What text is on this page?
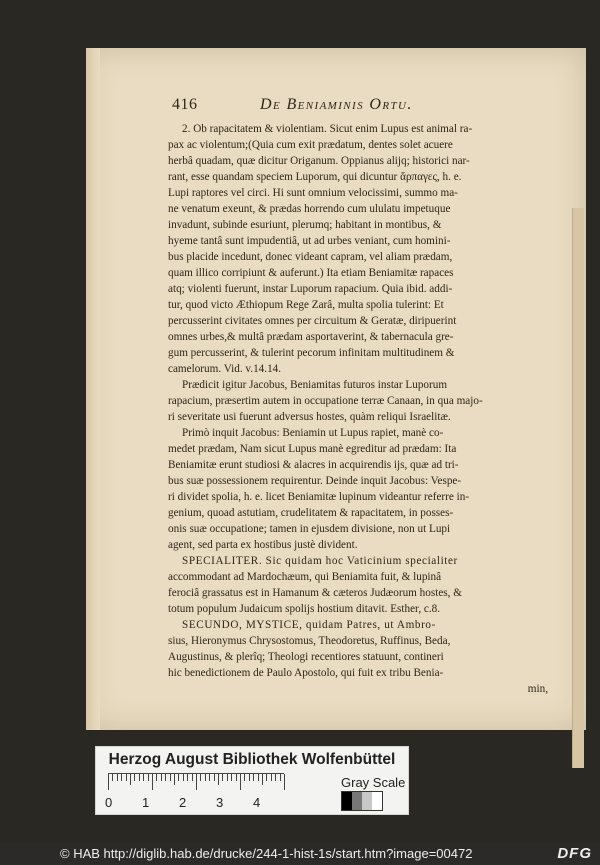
416	De Beniaminis Ortu.
2. Ob rapacitatem & violentiam. Sicut enim Lupus est animal ra-
pax ac violentum;(Quia cum exit prædatum, dentes solet acuere
herbâ quadam, quæ dicitur Origanum. Oppianus alijq; historici nar-
rant, esse quandam speciem Luporum, qui dicuntur ἅρπαγες, h. e.
Lupi raptores vel circi. Hi sunt omnium velocissimi, summo ma-
ne venatum exeunt, & prædas horrendo cum ululatu impetuque
invadunt, subinde esuriunt, plerumq; habitant in montibus, &
hyeme tantâ sunt impudentiâ, ut ad urbes veniant, cum homini-
bus placide incedunt, donec videant capram, vel aliam prædam,
quam illico corripiunt & auferunt.) Ita etiam Beniamitæ rapaces
atq; violenti fuerunt, instar Luporum rapacium. Quia ibid. addi-
tur, quod victo Æthiopum Rege Zarâ, multa spolia tulerint: Et
percusserint civitates omnes per circuitum & Geratæ, diripuerint
omnes urbes,& multâ prædam asportaverint, & tabernacula gre-
gum percusserint, & tulerint pecorum infinitam multitudinem &
camelorum. Vid. v.14.14.
Prædicit igitur Jacobus, Beniamitas futuros instar Luporum
rapacium, præsertim autem in occupatione terræ Canaan, in qua majo-
ri severitate usi fuerunt adversus hostes, quàm reliqui Israelitæ.
Primò inquit Jacobus: Beniamin ut Lupus rapiet, manè co-
medet prædam, Nam sicut Lupus manè egreditur ad prædam: Ita
Beniamitæ erunt studiosi & alacres in acquirendis ijs, quæ ad tri-
bus suæ possessionem requirentur. Deinde inquit Jacobus: Vespe-
ri dividet spolia, h. e. licet Beniamitæ lupinum videantur referre in-
genium, quoad astutiam, crudelitatem & rapacitatem, in posses-
onis suæ occupatione; tamen in ejusdem divisione, non ut Lupi
agent, sed parta ex hostibus justè divident.
SPECIALITER. Sic quidam hoc Vaticinium specialiter
accommodant ad Mardochæum, qui Beniamita fuit, & lupinâ
ferociâ grassatus est in Hamanum & cæteros Judæorum hostes, &
totum populum Judaicum spolijs hostium ditavit. Esther, c.8.
SECUNDO, MYSTICE, quidam Patres, ut Ambro-
sius, Hieronymus Chrysostomus, Theodoretus, Ruffinus, Beda,
Augustinus, & plerîq; Theologi recentiores statuunt, contineri
hic benedictionem de Paulo Apostolo, qui fuit ex tribu Benia-
min,
Herzog August Bibliothek Wolfenbüttel
0 1 2 3 4
Gray Scale
© HAB http://diglib.hab.de/drucke/244-1-hist-1s/start.htm?image=00472	DFG
